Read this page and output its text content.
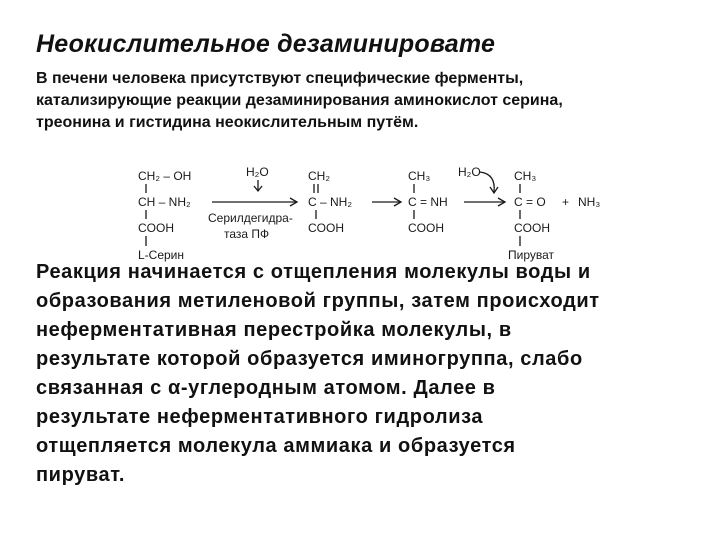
Неокислительное дезаминировате
В печени человека присутствуют специфические ферменты,
катализирующие реакции дезаминирования аминокислот серина,
треонина и гистидина неокислительным путём.
CH₂ – OH
CH – NH₂
COOH
L-Серин
H₂O
Серилдегидра-
таза ПФ
CH₂
C – NH₂
COOH
CH₃
C = NH
COOH
H₂O	CH₃
C = O
COOH
Пируват
+ NH₃
Реакция начинается с отщепления молекулы воды и
образования метиленовой группы, затем происходит
неферментативная перестройка молекулы, в
результате которой образуется иминогруппа, слабо
связанная с α-углеродным атомом. Далее в
результате неферментативного гидролиза
отщепляется молекула аммиака и образуется
пируват.
